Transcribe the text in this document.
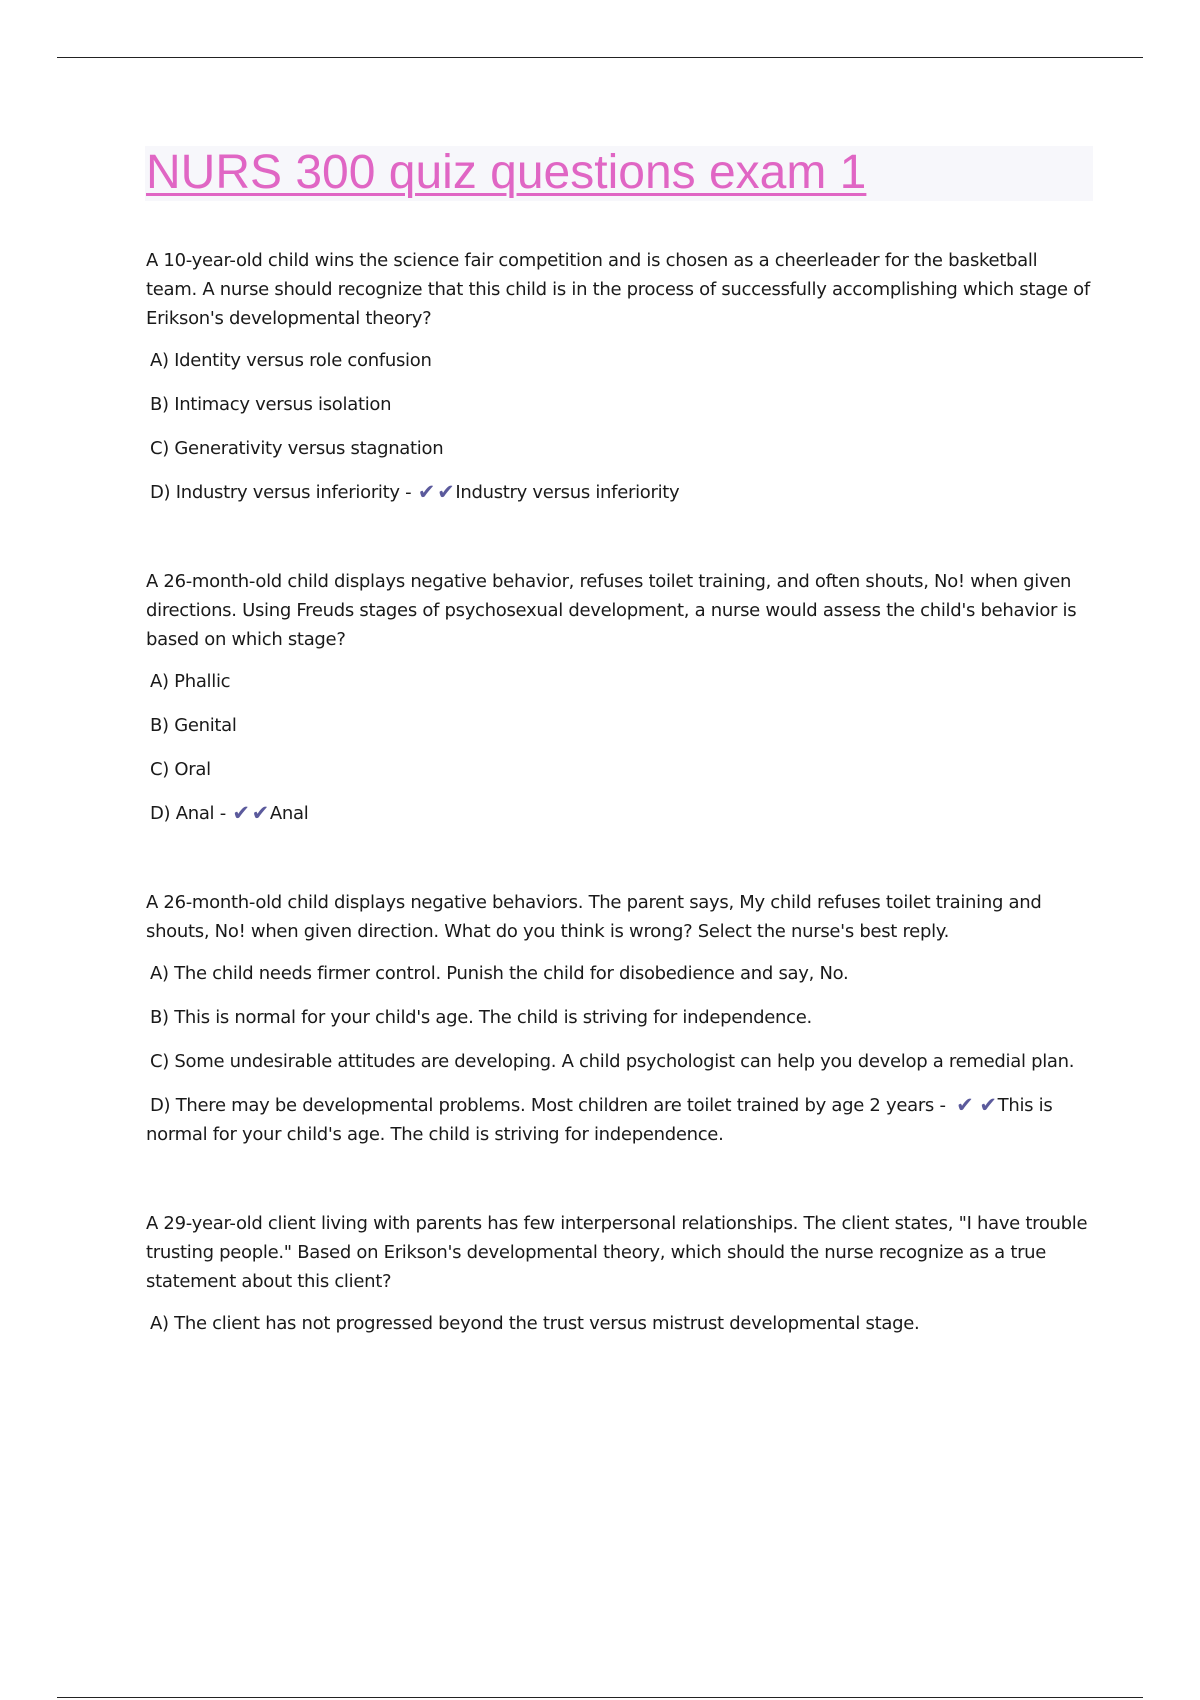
NURS 300 quiz questions exam 1

A 10-year-old child wins the science fair competition and is chosen as a cheerleader for the basketball team. A nurse should recognize that this child is in the process of successfully accomplishing which stage of Erikson's developmental theory?

A) Identity versus role confusion

B) Intimacy versus isolation

C) Generativity versus stagnation

D) Industry versus inferiority - ✔✔Industry versus inferiority

A 26-month-old child displays negative behavior, refuses toilet training, and often shouts, No! when given directions. Using Freuds stages of psychosexual development, a nurse would assess the child's behavior is based on which stage?

A) Phallic

B) Genital

C) Oral

D) Anal - ✔✔Anal

A 26-month-old child displays negative behaviors. The parent says, My child refuses toilet training and shouts, No! when given direction. What do you think is wrong? Select the nurse's best reply.

A) The child needs firmer control. Punish the child for disobedience and say, No.

B) This is normal for your child's age. The child is striving for independence.

C) Some undesirable attitudes are developing. A child psychologist can help you develop a remedial plan.

D) There may be developmental problems. Most children are toilet trained by age 2 years - ✔ ✔This is normal for your child's age. The child is striving for independence.

A 29-year-old client living with parents has few interpersonal relationships. The client states, "I have trouble trusting people." Based on Erikson's developmental theory, which should the nurse recognize as a true statement about this client?

A) The client has not progressed beyond the trust versus mistrust developmental stage.
